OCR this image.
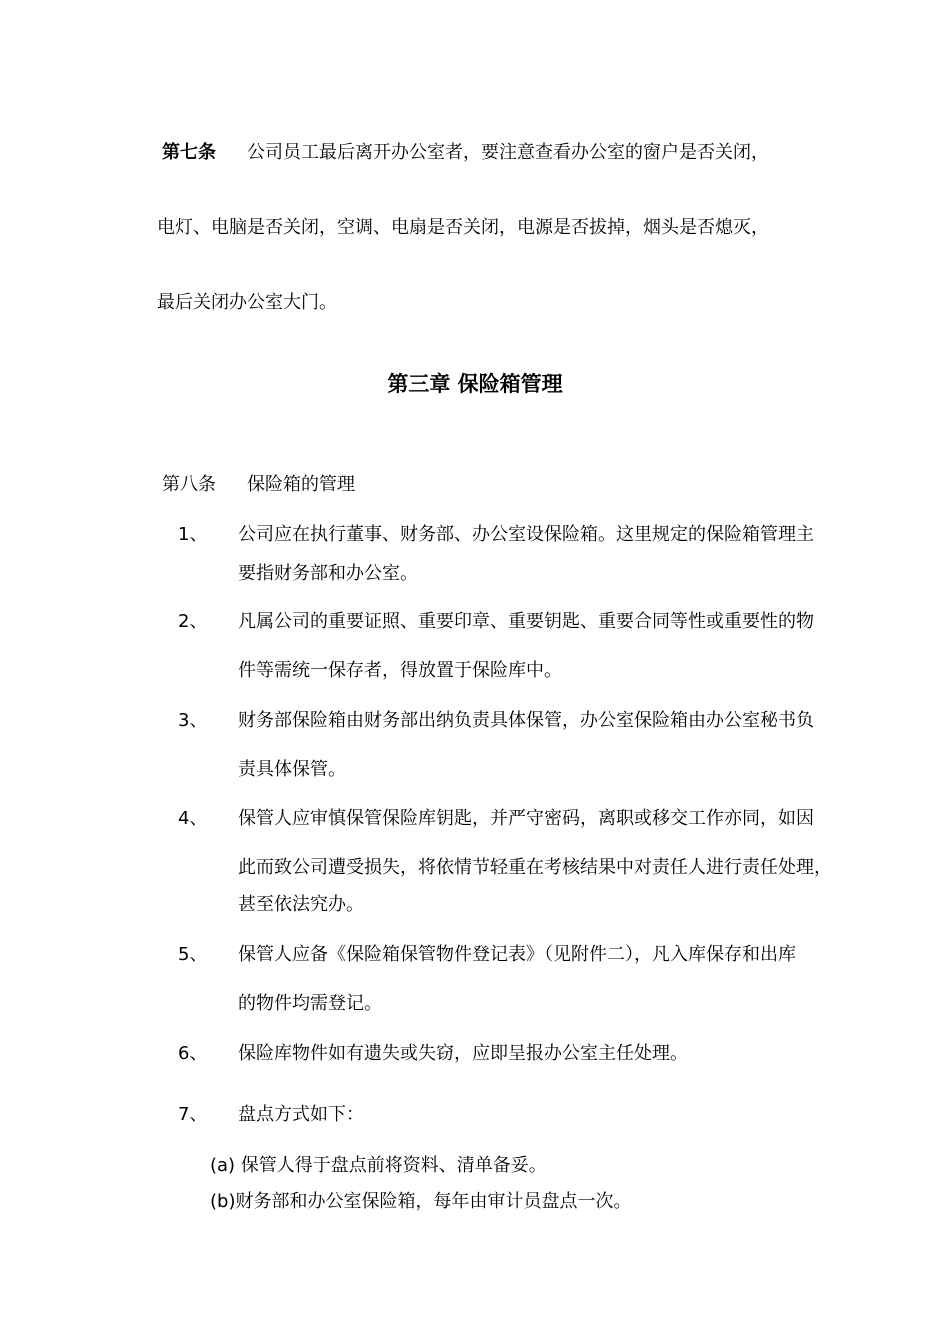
第七条 公司员工最后离开办公室者，要注意查看办公室的窗户是否关闭，
电灯、电脑是否关闭，空调、电扇是否关闭，电源是否拔掉，烟头是否熄灭，
最后关闭办公室大门。
第三章 保险箱管理
第八条 保险箱的管理
1、 公司应在执行董事、财务部、办公室设保险箱。这里规定的保险箱管理主
要指财务部和办公室。
2、 凡属公司的重要证照、重要印章、重要钥匙、重要合同等性或重要性的物
件等需统一保存者，得放置于保险库中。
3、 财务部保险箱由财务部出纳负责具体保管，办公室保险箱由办公室秘书负
责具体保管。
4、 保管人应审慎保管保险库钥匙，并严守密码，离职或移交工作亦同，如因
此而致公司遭受损失，将依情节轻重在考核结果中对责任人进行责任处理，
甚至依法究办。
5、 保管人应备《保险箱保管物件登记表》（见附件二），凡入库保存和出库
的物件均需登记。
6、 保险库物件如有遗失或失窃，应即呈报办公室主任处理。
7、 盘点方式如下：
(a) 保管人得于盘点前将资料、清单备妥。
(b)财务部和办公室保险箱，每年由审计员盘点一次。
